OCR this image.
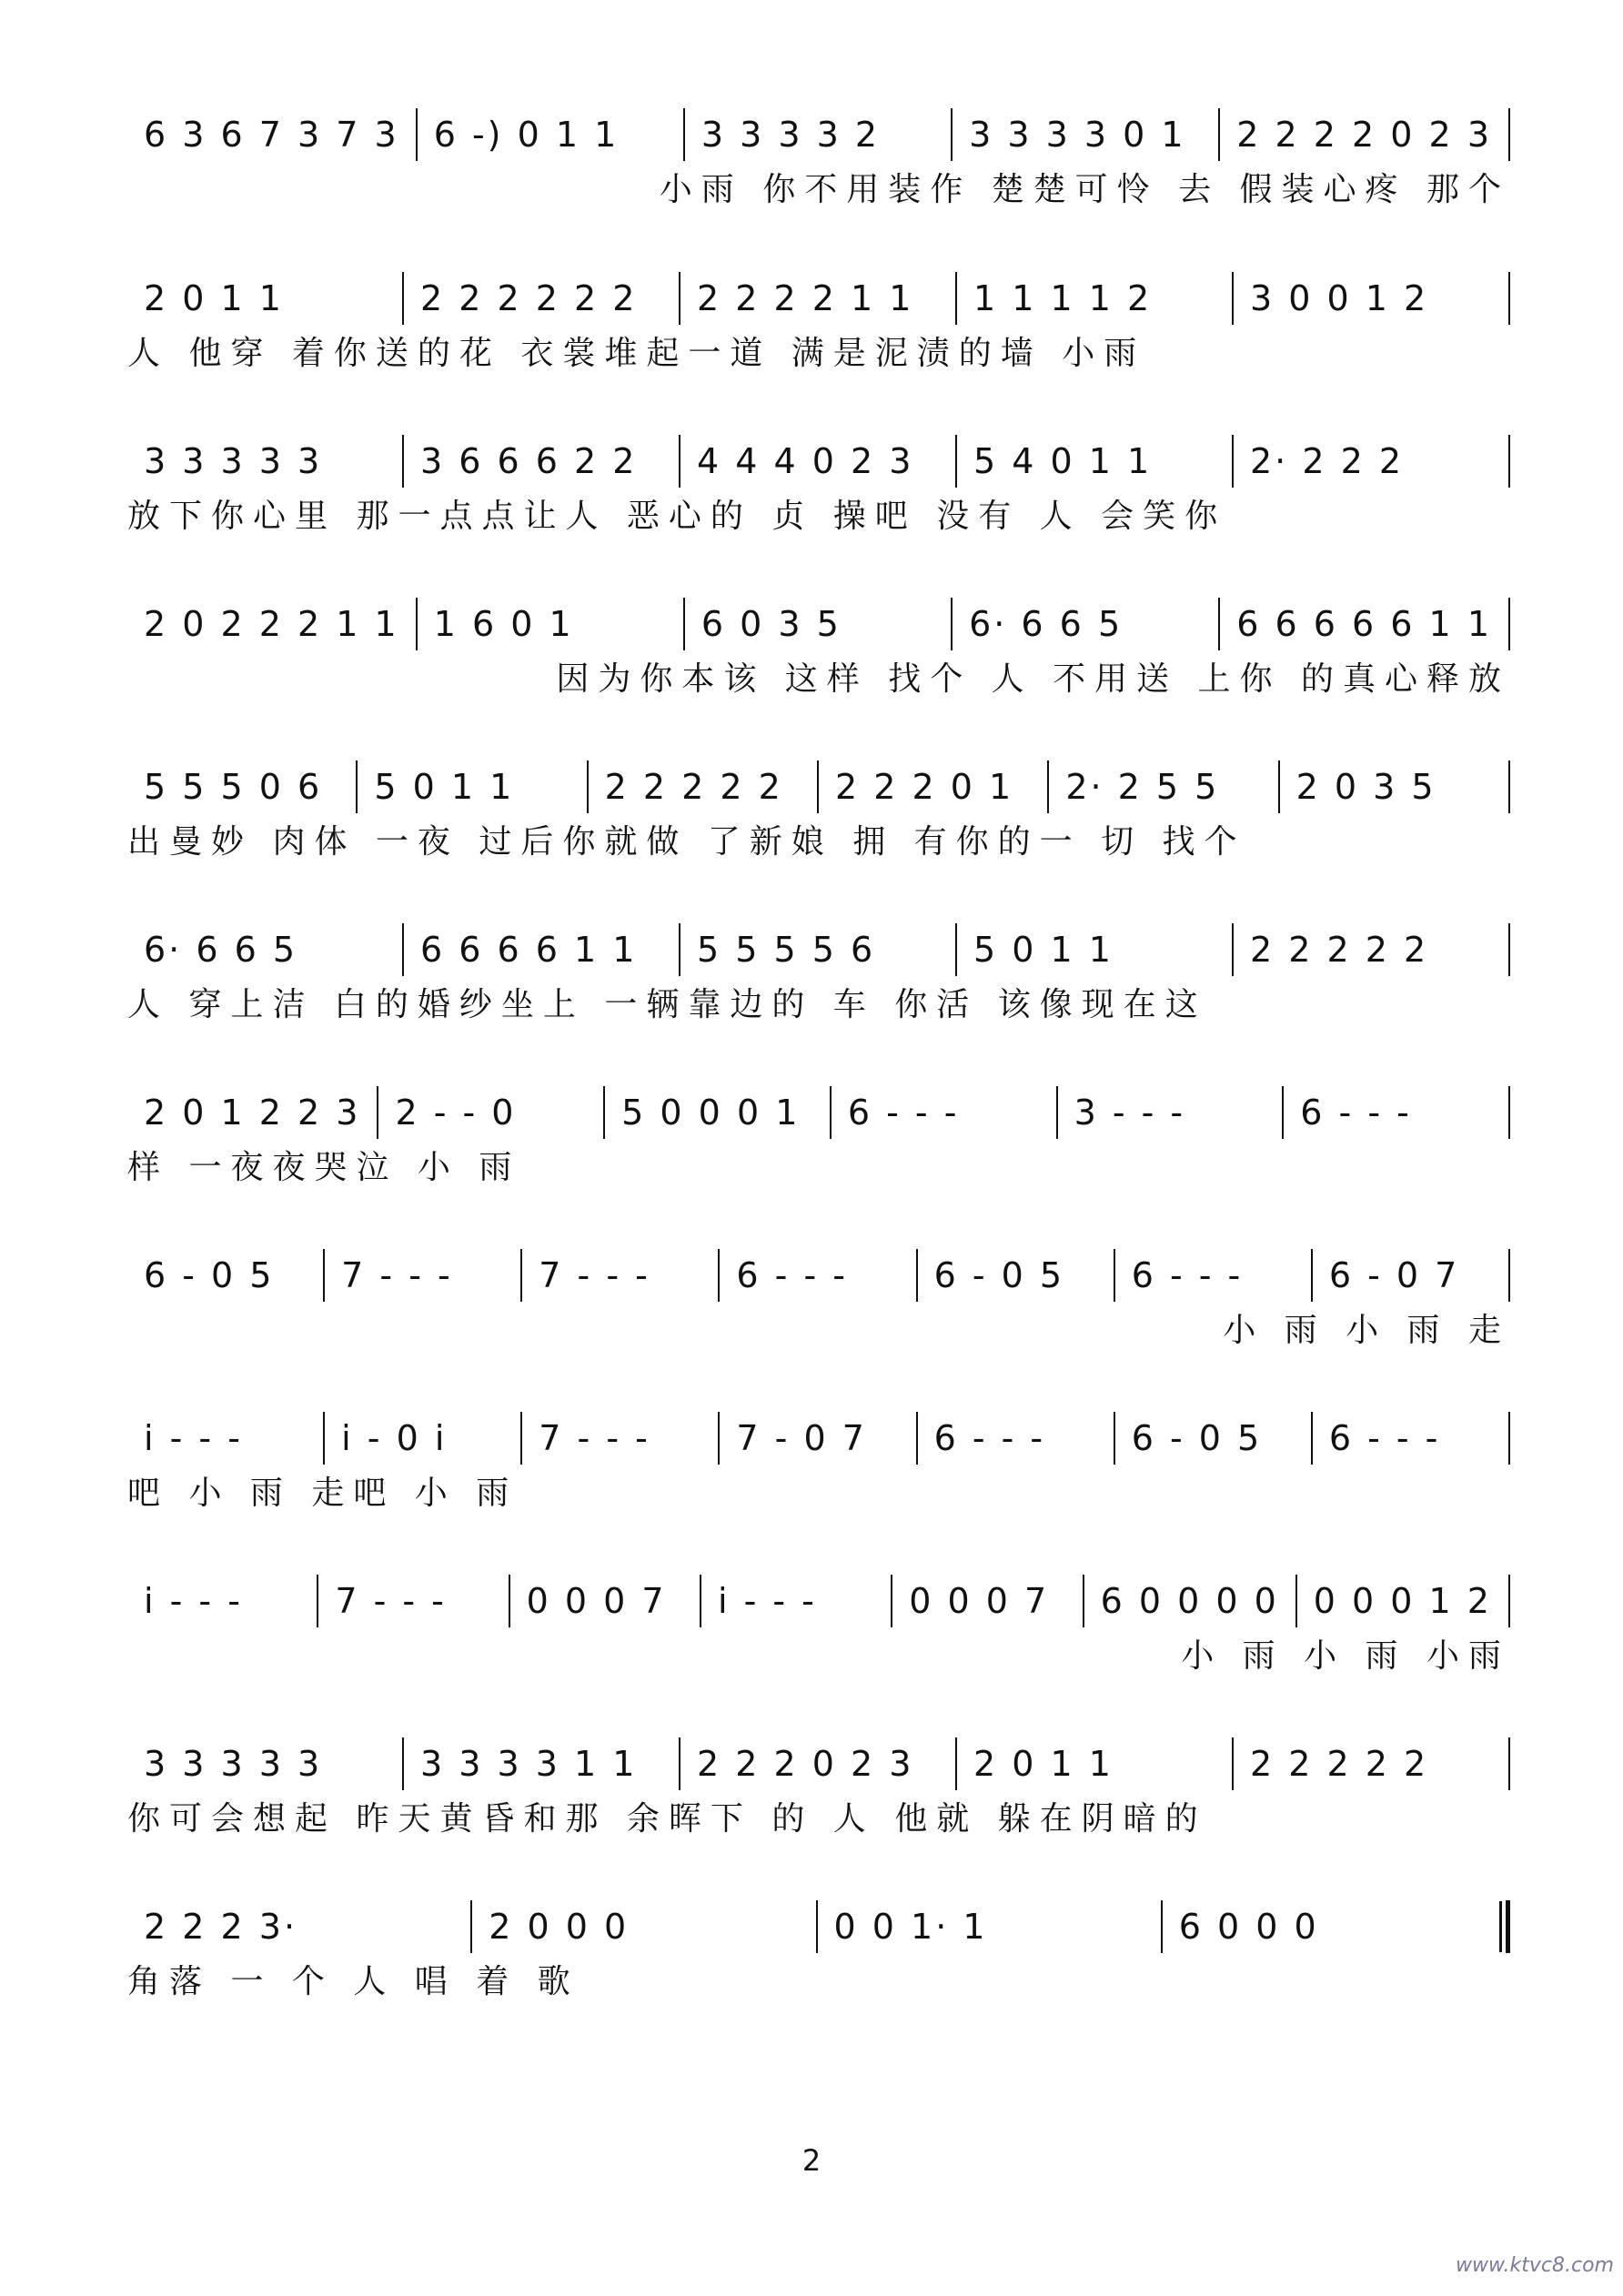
6 3 6 7 3 7 3	6 -) 0 1 1	3 3 3 3 2	3 3 3 3 0 1	2 2 2 2 0 2 3
小雨 你不用装作 楚楚可怜 去 假装心疼 那个
2 0 1 1	2 2 2 2 2 2	2 2 2 2 1 1	1 1 1 1 2	3 0 0 1 2
人 他穿 着你送的花 衣裳堆起一道 满是泥渍的墙 小雨
3 3 3 3 3	3 6 6 6 2 2	4 4 4 0 2 3	5 4 0 1 1	2· 2 2 2
放下你心里 那一点点让人 恶心的 贞 操吧 没有 人 会笑你
2 0 2 2 2 1 1	1 6 0 1	6 0 3 5	6· 6 6 5	6 6 6 6 6 1 1
因为你本该 这样 找个 人 不用送 上你 的真心释放
5 5 5 0 6	5 0 1 1	2 2 2 2 2	2 2 2 0 1	2· 2 5 5	2 0 3 5
出曼妙 肉体 一夜 过后你就做 了新娘 拥 有你的一 切 找个
6· 6 6 5	6 6 6 6 1 1	5 5 5 5 6	5 0 1 1	2 2 2 2 2
人 穿上洁 白的婚纱坐上 一辆靠边的 车 你活 该像现在这
2 0 1 2 2 3	2 - - 0	5 0 0 0 1	6 - - -	3 - - -	6 - - -
样 一夜夜哭泣 小 雨
6 - 0 5	7 - - -	7 - - -	6 - - -	6 - 0 5	6 - - -	6 - 0 7
小 雨 小 雨 走
i - - -	i - 0 i	7 - - -	7 - 0 7	6 - - -	6 - 0 5	6 - - -
吧 小 雨 走吧 小 雨
i - - -	7 - - -	0 0 0 7	i - - -	0 0 0 7	6 0 0 0 0	0 0 0 1 2
小 雨 小 雨 小雨
3 3 3 3 3	3 3 3 3 1 1	2 2 2 0 2 3	2 0 1 1	2 2 2 2 2
你可会想起 昨天黄昏和那 余晖下 的 人 他就 躲在阴暗的
2 2 2 3·	2 0 0 0	0 0 1· 1	6 0 0 0
角落 一 个 人 唱 着 歌
2
www.ktvc8.com
